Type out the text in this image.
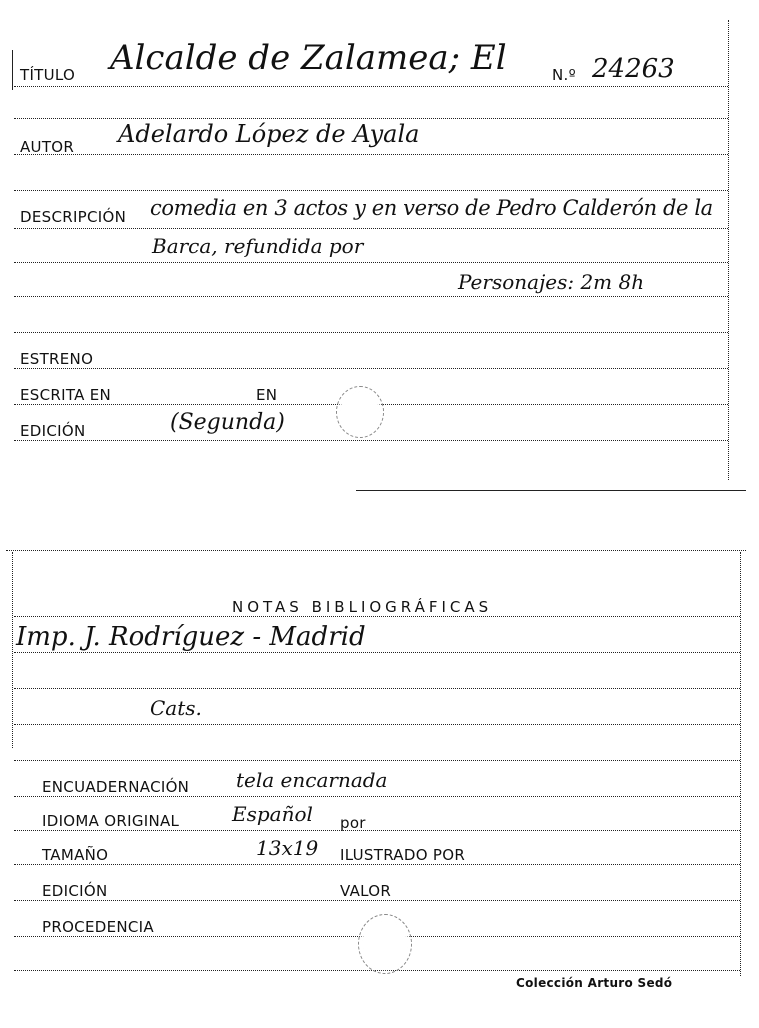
TÍTULO Alcalde de Zalamea; El	N.º 24263
AUTOR Adelardo López de Ayala
DESCRIPCIÓN comedia en 3 actos y en verso de Pedro Calderón de la
Barca, refundida por
Personajes: 2m 8h
ESTRENO
ESCRITA EN	EN
EDICIÓN	(Segunda)
NOTAS BIBLIOGRÁFICAS
Imp. J. Rodríguez - Madrid
Cats.
ENCUADERNACIÓN tela encarnada
IDIOMA ORIGINAL	Español por
TAMAÑO	13x19 ILUSTRADO POR
EDICIÓN	VALOR
PROCEDENCIA
Colección Arturo Sedó
